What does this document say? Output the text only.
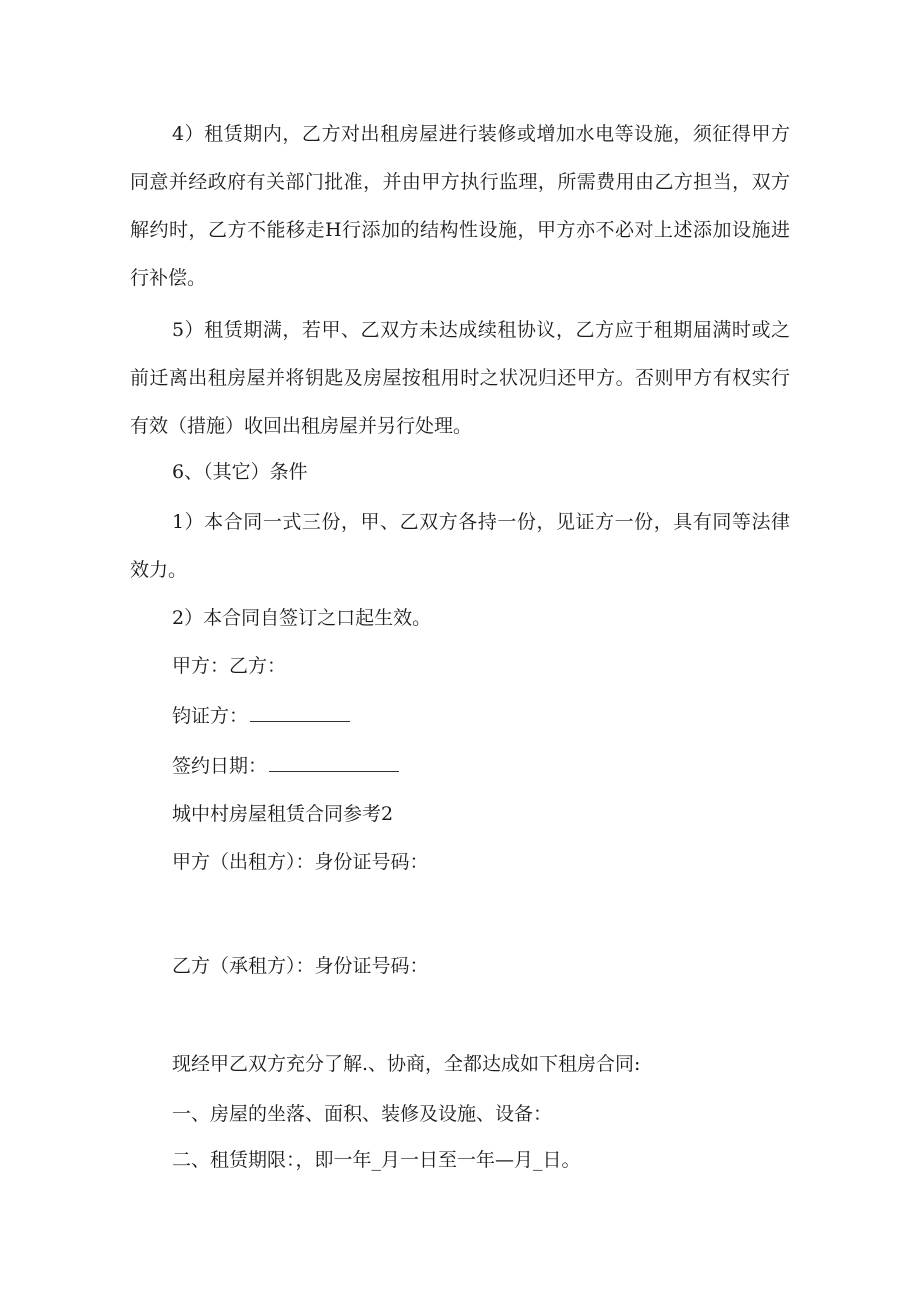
4）租赁期内，乙方对出租房屋进行装修或增加水电等设施，须征得甲方同意并经政府有关部门批准，并由甲方执行监理，所需费用由乙方担当，双方解约时，乙方不能移走H行添加的结构性设施，甲方亦不必对上述添加设施进行补偿。

5）租赁期满，若甲、乙双方未达成续租协议，乙方应于租期届满时或之前迁离出租房屋并将钥匙及房屋按租用时之状况归还甲方。否则甲方有权实行有效（措施）收回出租房屋并另行处理。

6、（其它）条件

1）本合同一式三份，甲、乙双方各持一份，见证方一份，具有同等法律效力。

2）本合同自签订之口起生效。

甲方：乙方：

钧证方：

签约日期：

城中村房屋租赁合同参考2

甲方（出租方）：身份证号码：

乙方（承租方）：身份证号码：

现经甲乙双方充分了解.、协商，全都达成如下租房合同:

一、房屋的坐落、面积、装修及设施、设备：

二、租赁期限：，即一年_月一日至一年—月_日。
